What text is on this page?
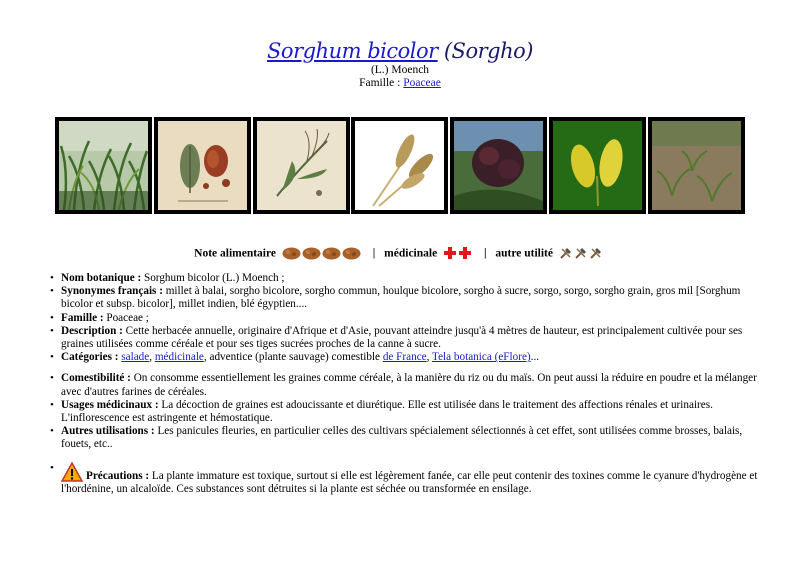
Sorghum bicolor (Sorgho)
(L.) Moench
Famille : Poaceae
Note alimentaire	| médicinale	| autre utilité
• Nom botanique : Sorghum bicolor (L.) Moench ;
• Synonymes français : millet à balai, sorgho bicolore, sorgho commun, houlque bicolore, sorgho à sucre, sorgo, sorgo, sorgho grain, gros mil [Sorghum bicolor et subsp. bicolor], millet indien, blé égyptien....
• Famille : Poaceae ;
• Description : Cette herbacée annuelle, originaire d'Afrique et d'Asie, pouvant atteindre jusqu'à 4 mètres de hauteur, est principalement cultivée pour ses graines utilisées comme céréale et pour ses tiges sucrées proches de la canne à sucre.
• Catégories : salade, médicinale, adventice (plante sauvage) comestible de France, Tela botanica (eFlore)...
• Comestibilité : On consomme essentiellement les graines comme céréale, à la manière du riz ou du maïs. On peut aussi la réduire en poudre et la mélanger avec d'autres farines de céréales.
• Usages médicinaux : La décoction de graines est adoucissante et diurétique. Elle est utilisée dans le traitement des affections rénales et urinaires. L'inflorescence est astringente et hémostatique.
• Autres utilisations : Les panicules fleuries, en particulier celles des cultivars spécialement sélectionnés à cet effet, sont utilisées comme brosses, balais, fouets, etc..
• Précautions : La plante immature est toxique, surtout si elle est légèrement fanée, car elle peut contenir des toxines comme le cyanure d'hydrogène et l'hordénine, un alcaloïde. Ces substances sont détruites si la plante est séchée ou transformée en ensilage.
